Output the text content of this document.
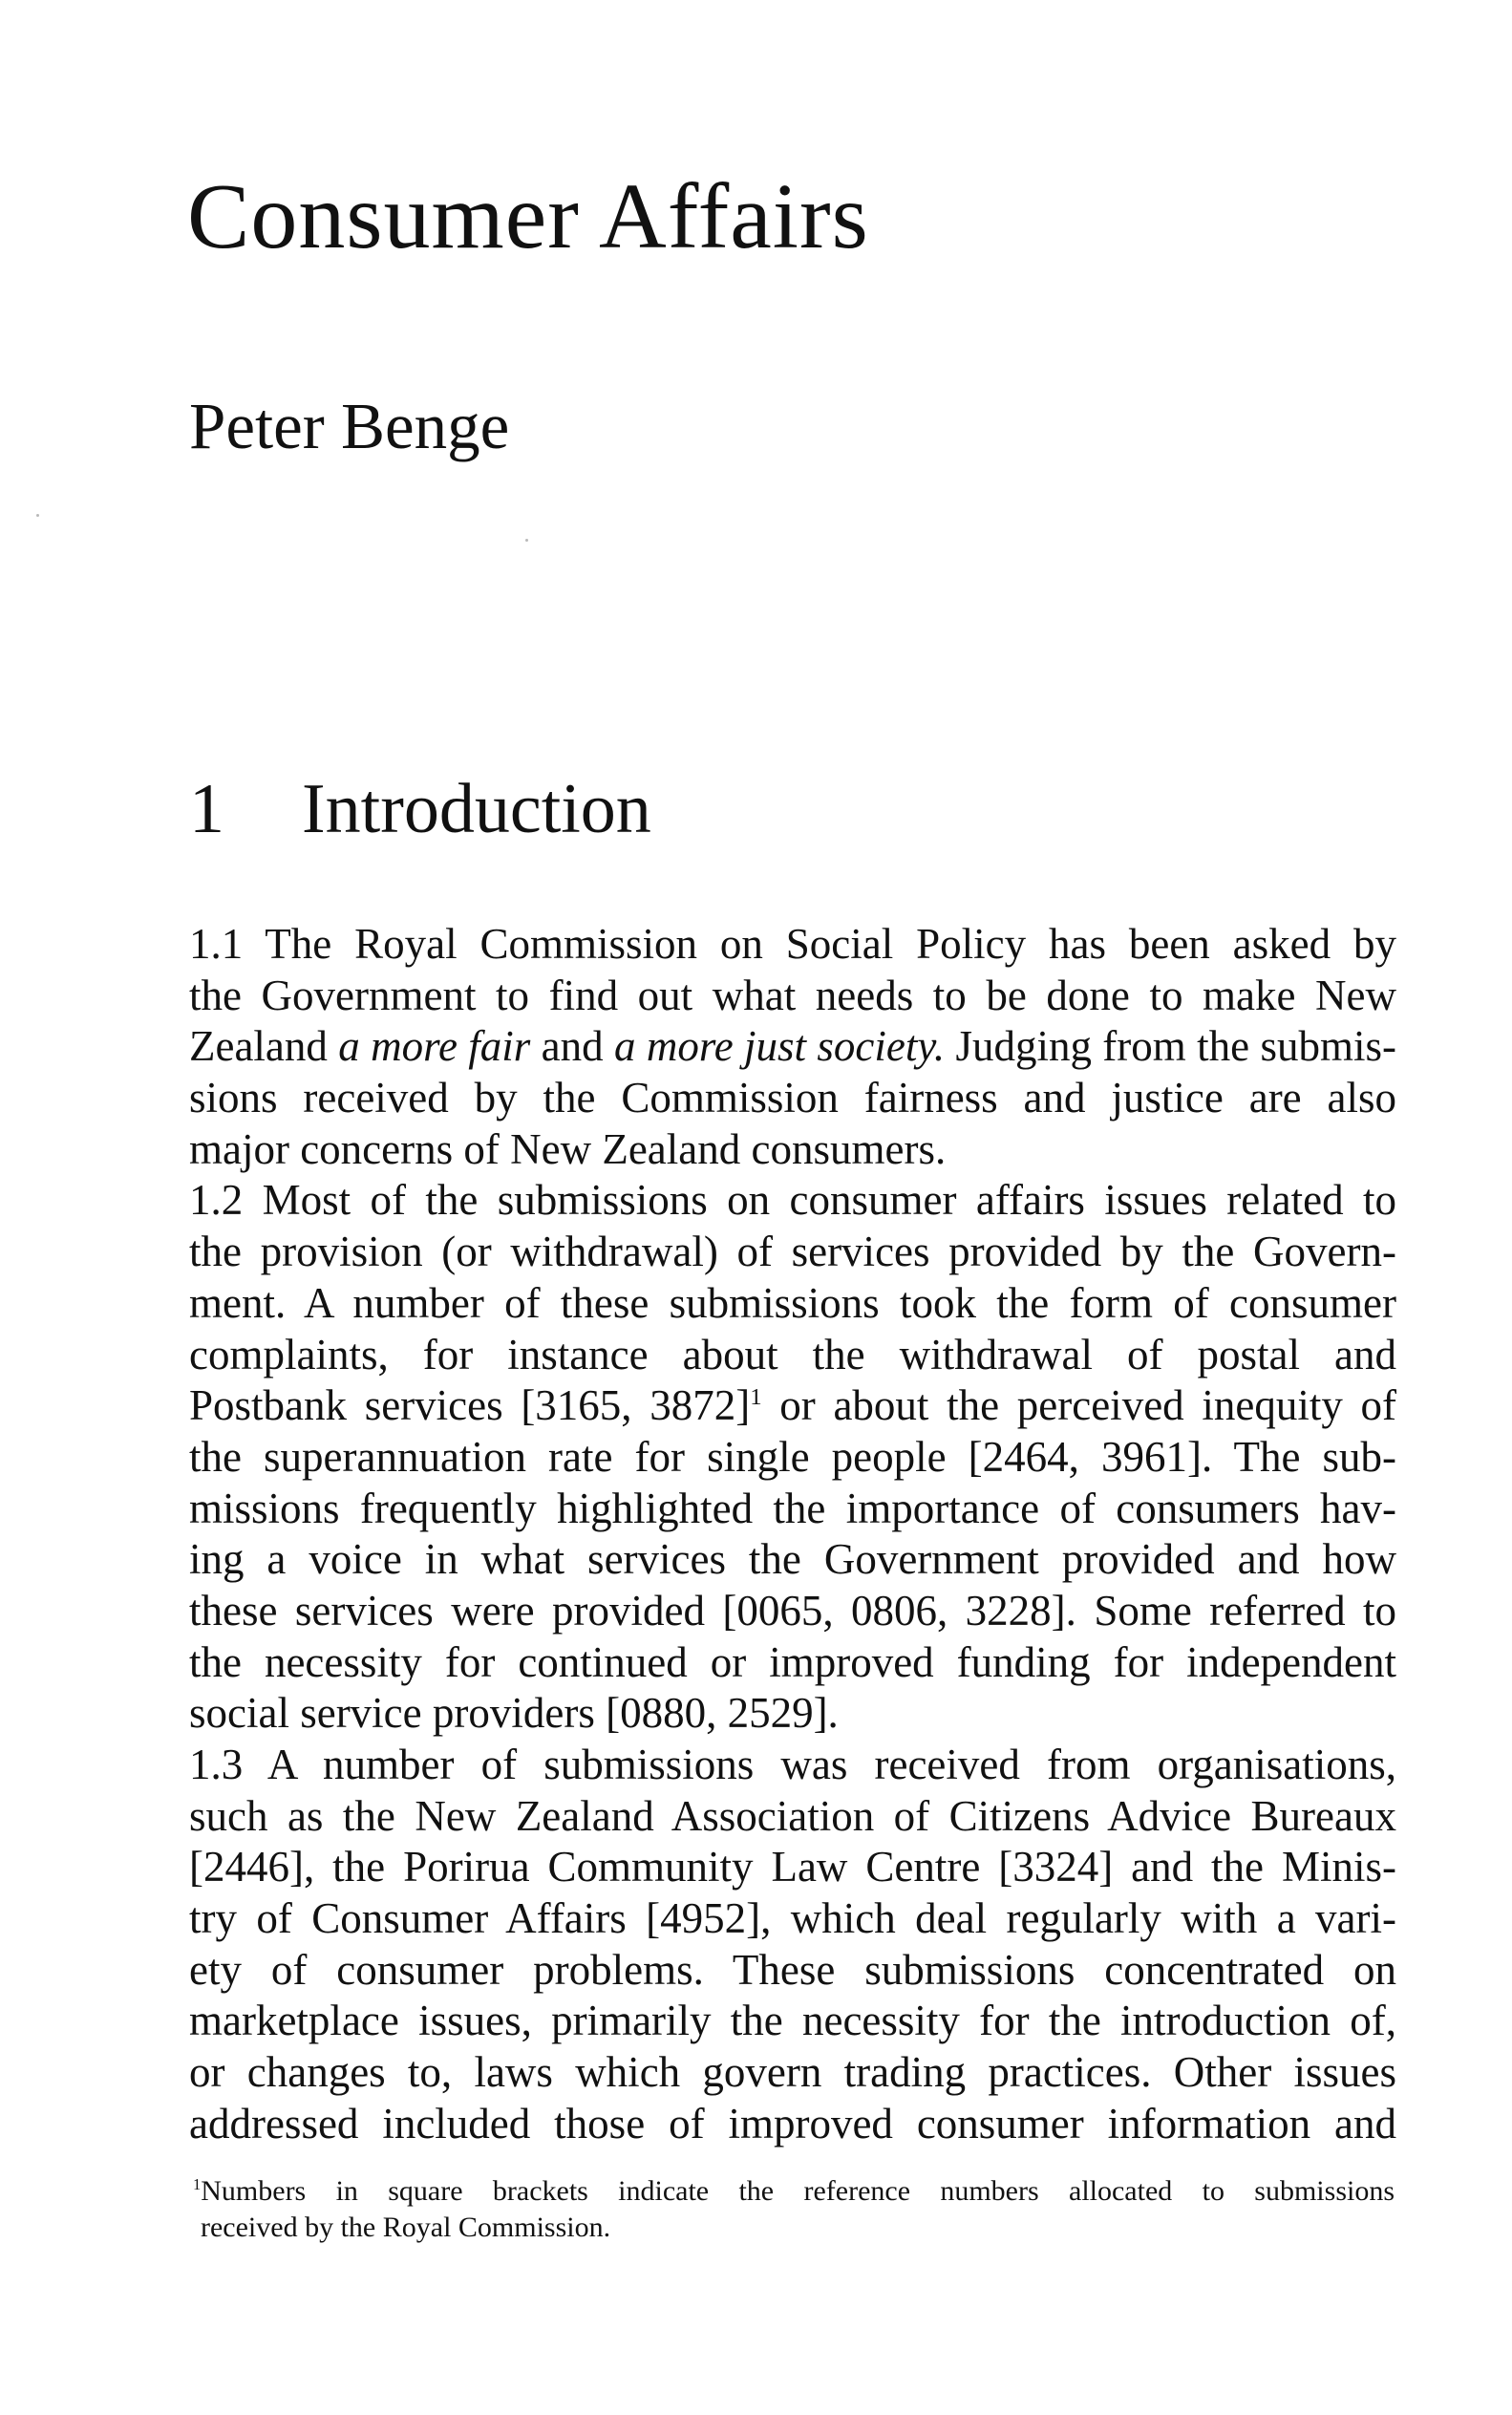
Consumer Affairs
Peter Benge
1 Introduction
1.1 The Royal Commission on Social Policy has been asked by
the Government to find out what needs to be done to make New
Zealand a more fair and a more just society. Judging from the submis-
sions received by the Commission fairness and justice are also
major concerns of New Zealand consumers.
1.2 Most of the submissions on consumer affairs issues related to
the provision (or withdrawal) of services provided by the Govern-
ment. A number of these submissions took the form of consumer
complaints, for instance about the withdrawal of postal and
Postbank services [3165, 3872]$^1$ or about the perceived inequity of
the superannuation rate for single people [2464, 3961]. The sub-
missions frequently highlighted the importance of consumers hav-
ing a voice in what services the Government provided and how
these services were provided [0065, 0806, 3228]. Some referred to
the necessity for continued or improved funding for independent
social service providers [0880, 2529].
1.3 A number of submissions was received from organisations,
such as the New Zealand Association of Citizens Advice Bureaux
[2446], the Porirua Community Law Centre [3324] and the Minis-
try of Consumer Affairs [4952], which deal regularly with a vari-
ety of consumer problems. These submissions concentrated on
marketplace issues, primarily the necessity for the introduction of,
or changes to, laws which govern trading practices. Other issues
addressed included those of improved consumer information and
$^1$Numbers in square brackets indicate the reference numbers allocated to submissions
received by the Royal Commission.
